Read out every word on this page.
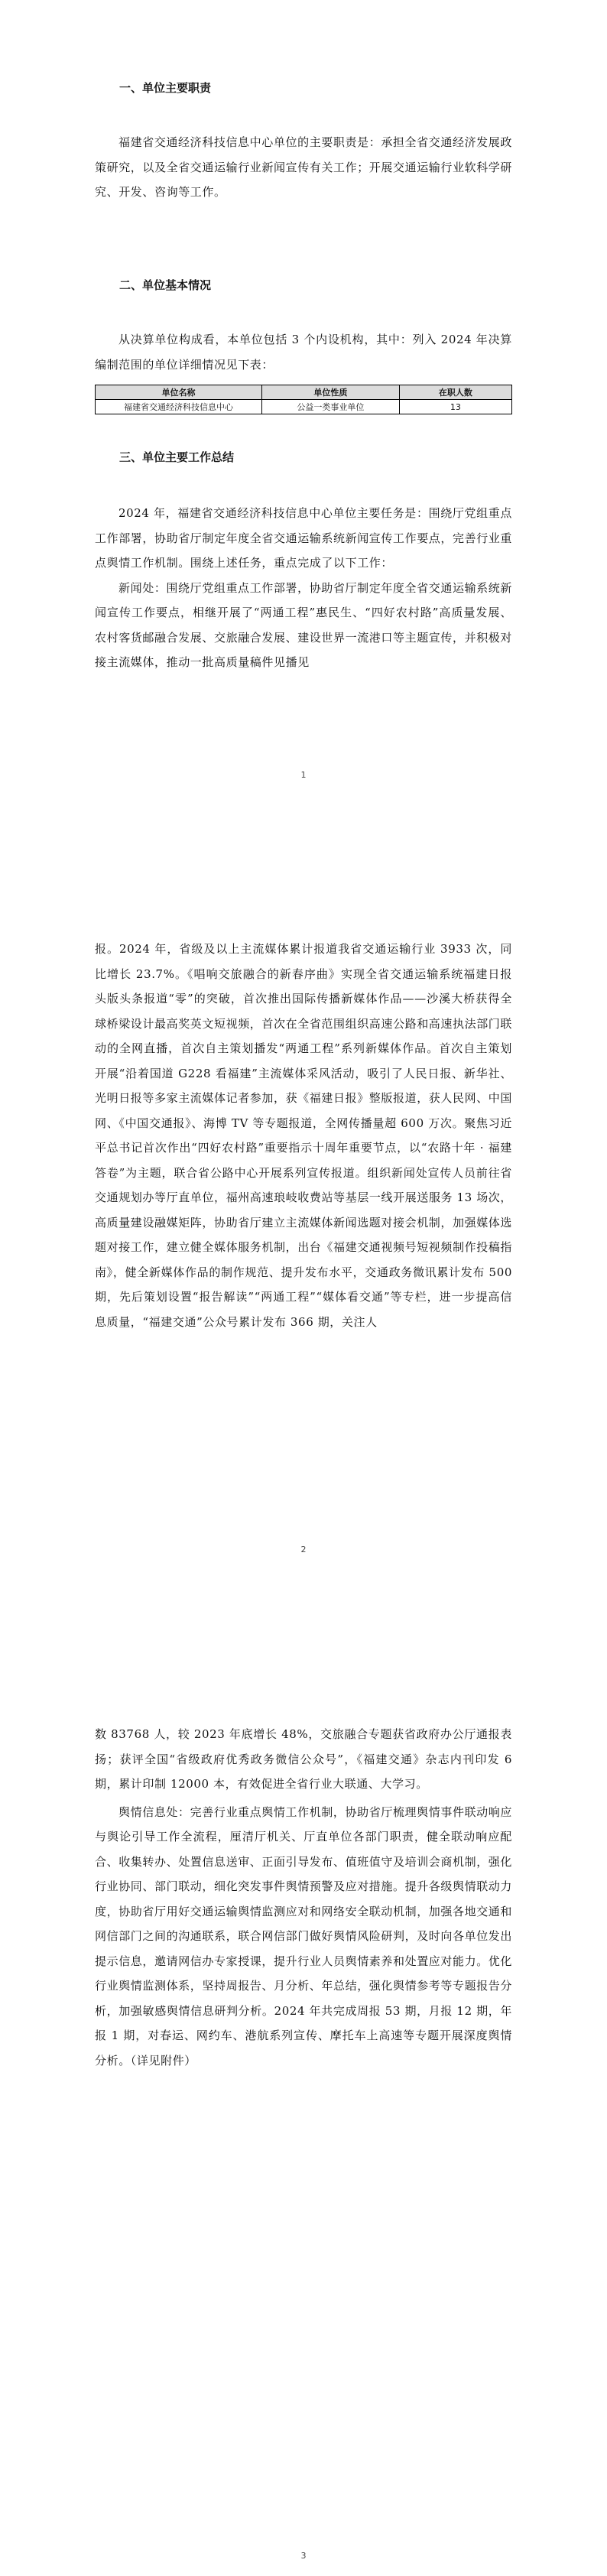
一、单位主要职责

福建省交通经济科技信息中心单位的主要职责是：承担全省交通经济发展政策研究，以及全省交通运输行业新闻宣传有关工作；开展交通运输行业软科学研究、开发、咨询等工作。

二、单位基本情况

从决算单位构成看，本单位包括 3 个内设机构，其中：列入 2024 年决算编制范围的单位详细情况见下表：

单位名称	单位性质	在职人数
福建省交通经济科技信息中心	公益一类事业单位	13
三、单位主要工作总结

2024 年，福建省交通经济科技信息中心单位主要任务是：围绕厅党组重点工作部署，协助省厅制定年度全省交通运输系统新闻宣传工作要点，完善行业重点舆情工作机制。围绕上述任务，重点完成了以下工作：

新闻处：围绕厅党组重点工作部署，协助省厅制定年度全省交通运输系统新闻宣传工作要点，相继开展了“两通工程”惠民生、“四好农村路”高质量发展、农村客货邮融合发展、交旅融合发展、建设世界一流港口等主题宣传，并积极对接主流媒体，推动一批高质量稿件见播见

1

报。2024 年，省级及以上主流媒体累计报道我省交通运输行业 3933 次，同比增长 23.7%。《唱响交旅融合的新春序曲》实现全省交通运输系统福建日报头版头条报道“零”的突破，首次推出国际传播新媒体作品——沙溪大桥获得全球桥梁设计最高奖英文短视频，首次在全省范围组织高速公路和高速执法部门联动的全网直播，首次自主策划播发“两通工程”系列新媒体作品。首次自主策划开展“沿着国道 G228 看福建”主流媒体采风活动，吸引了人民日报、新华社、光明日报等多家主流媒体记者参加，获《福建日报》整版报道，获人民网、中国网、《中国交通报》、海博 TV 等专题报道，全网传播量超 600 万次。聚焦习近平总书记首次作出“四好农村路”重要指示十周年重要节点，以“农路十年 · 福建答卷”为主题，联合省公路中心开展系列宣传报道。组织新闻处宣传人员前往省交通规划办等厅直单位，福州高速琅岐收费站等基层一线开展送服务 13 场次，高质量建设融媒矩阵，协助省厅建立主流媒体新闻选题对接会机制，加强媒体选题对接工作，建立健全媒体服务机制，出台《福建交通视频号短视频制作投稿指南》，健全新媒体作品的制作规范、提升发布水平，交通政务微讯累计发布 500 期，先后策划设置“报告解读”“两通工程”“媒体看交通”等专栏，进一步提高信息质量，“福建交通”公众号累计发布 366 期，关注人

2

数 83768 人，较 2023 年底增长 48%，交旅融合专题获省政府办公厅通报表扬；获评全国“省级政府优秀政务微信公众号”，《福建交通》杂志内刊印发 6 期，累计印制 12000 本，有效促进全省行业大联通、大学习。

舆情信息处：完善行业重点舆情工作机制，协助省厅梳理舆情事件联动响应与舆论引导工作全流程，厘清厅机关、厅直单位各部门职责，健全联动响应配合、收集转办、处置信息送审、正面引导发布、值班值守及培训会商机制，强化行业协同、部门联动，细化突发事件舆情预警及应对措施。提升各级舆情联动力度，协助省厅用好交通运输舆情监测应对和网络安全联动机制，加强各地交通和网信部门之间的沟通联系，联合网信部门做好舆情风险研判，及时向各单位发出提示信息，邀请网信办专家授课，提升行业人员舆情素养和处置应对能力。优化行业舆情监测体系，坚持周报告、月分析、年总结，强化舆情参考等专题报告分析，加强敏感舆情信息研判分析。2024 年共完成周报 53 期，月报 12 期，年报 1 期，对春运、网约车、港航系列宣传、摩托车上高速等专题开展深度舆情分析。（详见附件）

3
